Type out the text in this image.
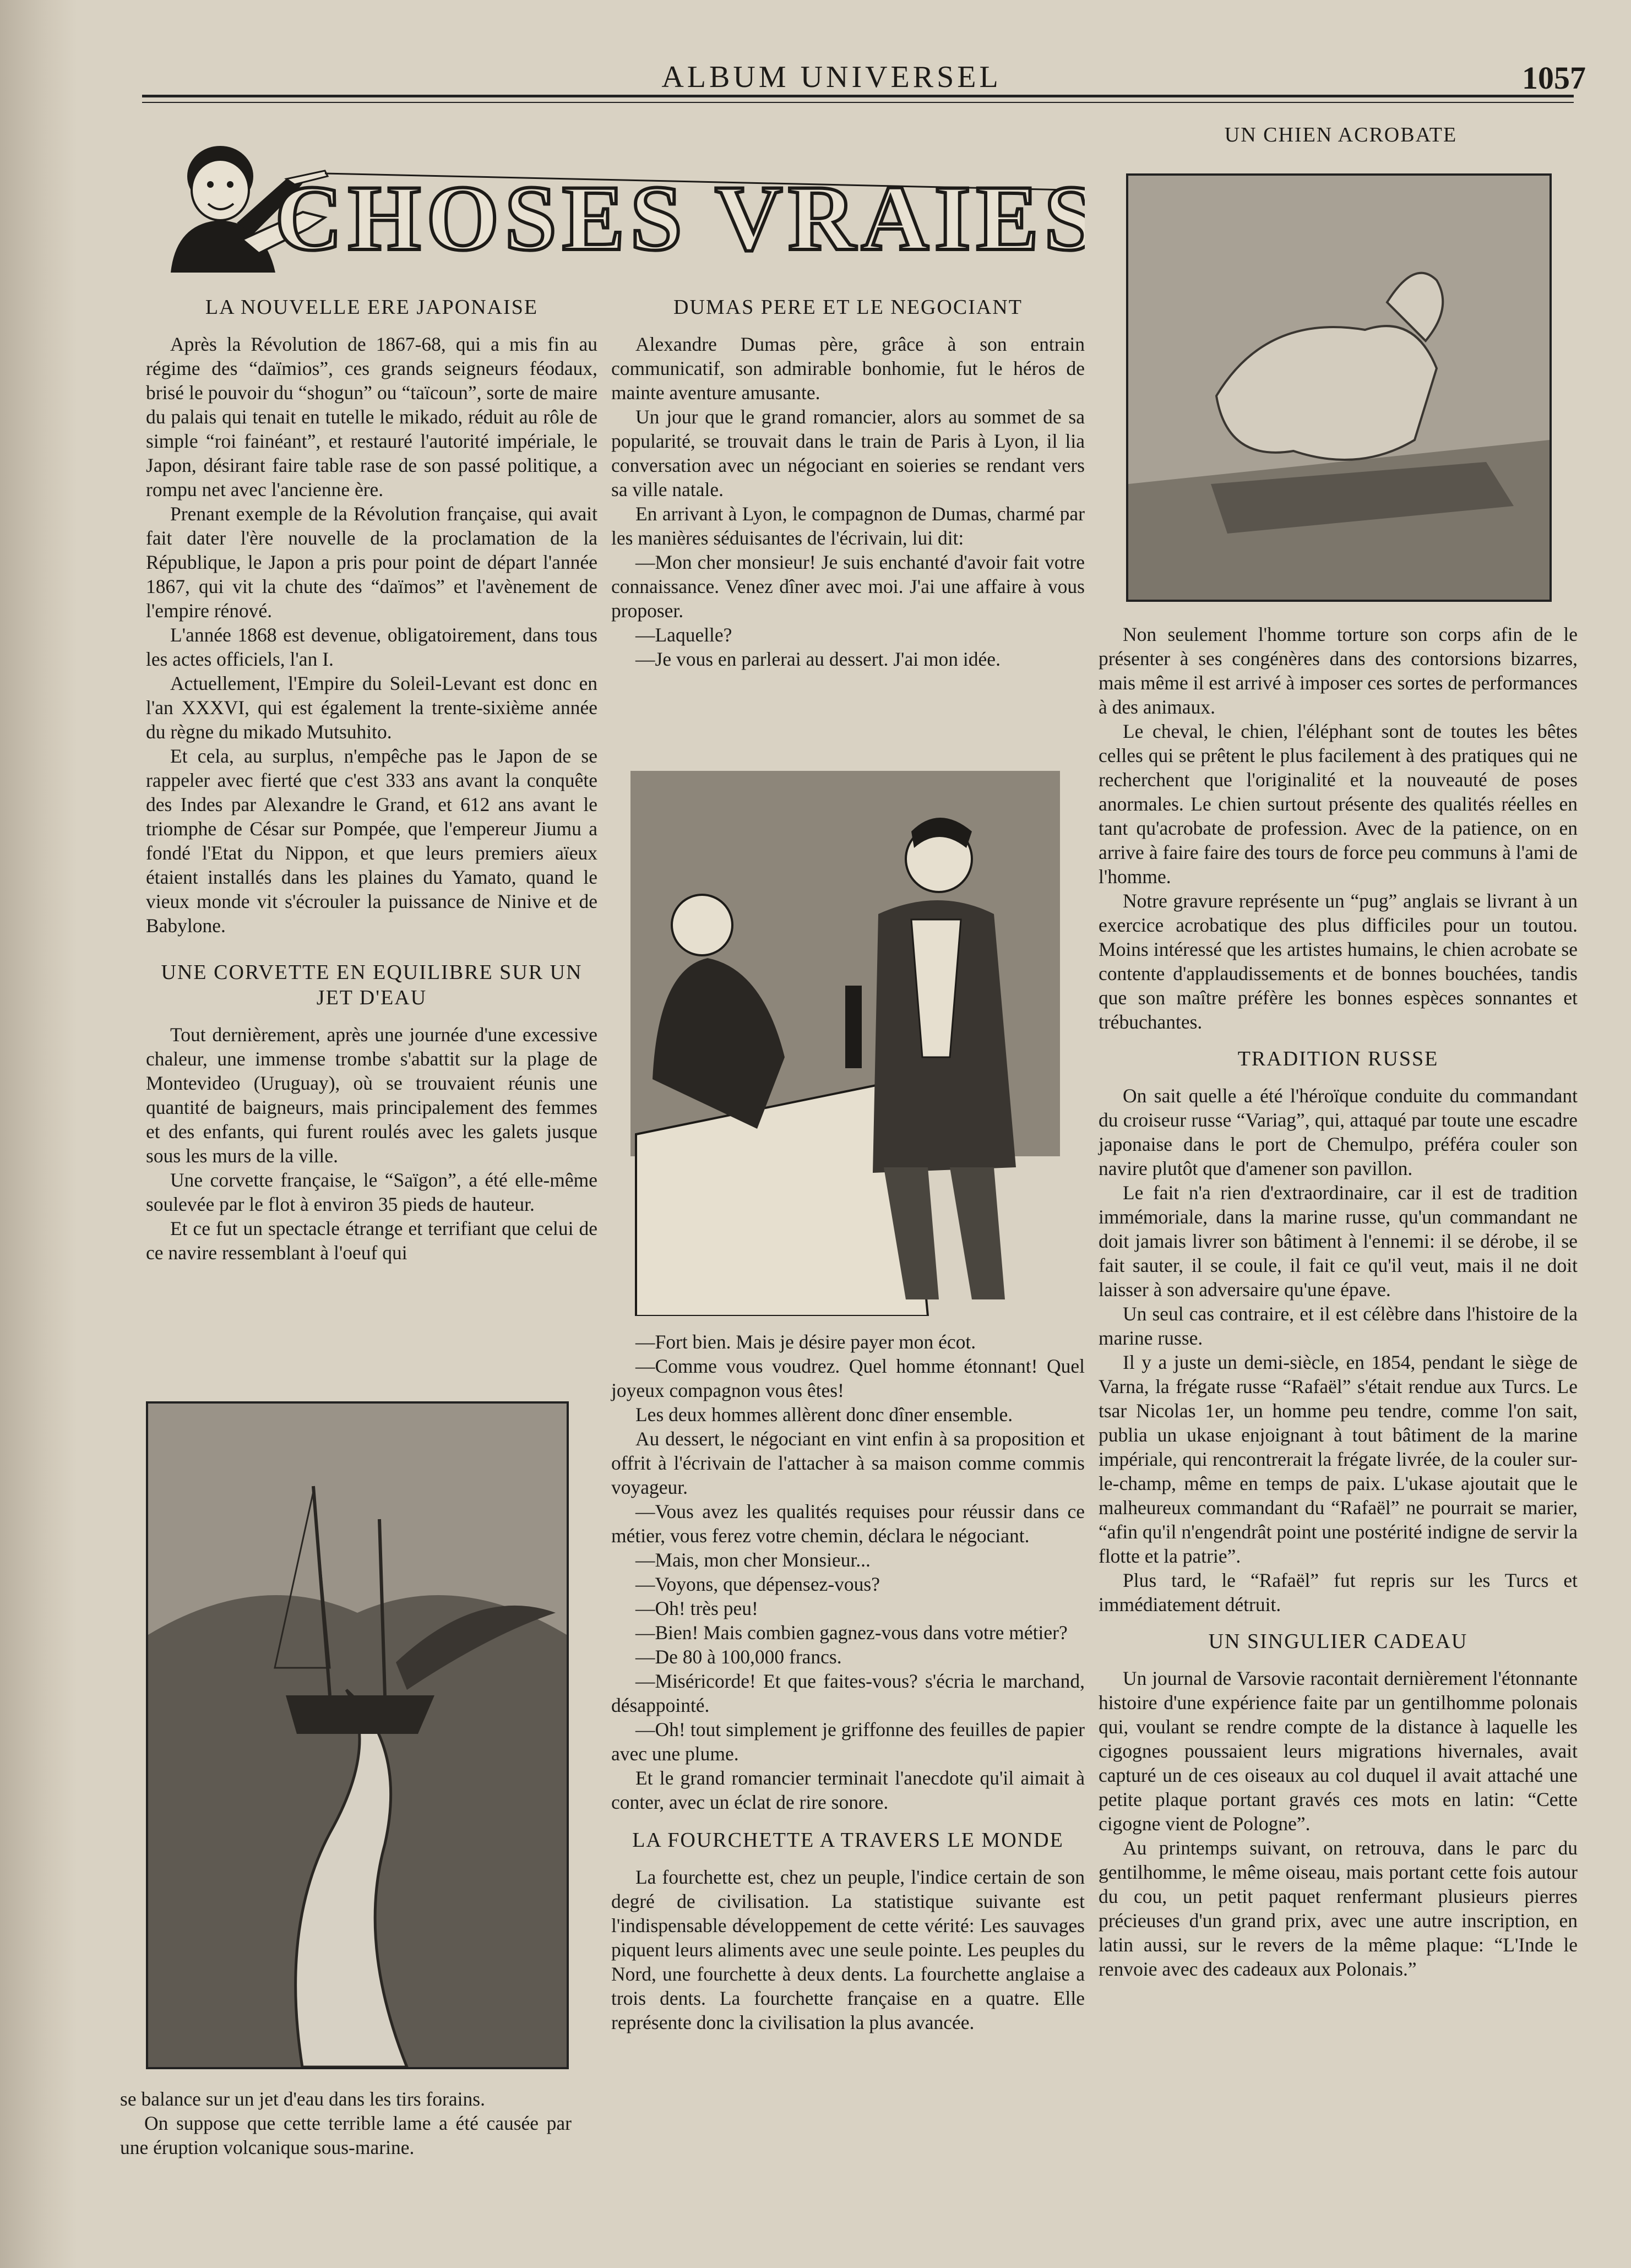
ALBUM UNIVERSEL	1057
CHOSES VRAIES
LA NOUVELLE ERE JAPONAISE

Après la Révolution de 1867-68, qui a mis fin au régime des “daïmios”, ces grands seigneurs féodaux, brisé le pouvoir du “shogun” ou “taïcoun”, sorte de maire du palais qui tenait en tutelle le mikado, réduit au rôle de simple “roi fainéant”, et restauré l'autorité impériale, le Japon, désirant faire table rase de son passé politique, a rompu net avec l'ancienne ère.

Prenant exemple de la Révolution française, qui avait fait dater l'ère nouvelle de la proclamation de la République, le Japon a pris pour point de départ l'année 1867, qui vit la chute des “daïmos” et l'avènement de l'empire rénové.

L'année 1868 est devenue, obligatoirement, dans tous les actes officiels, l'an I.

Actuellement, l'Empire du Soleil-Levant est donc en l'an XXXVI, qui est également la trente-sixième année du règne du mikado Mutsuhito.

Et cela, au surplus, n'empêche pas le Japon de se rappeler avec fierté que c'est 333 ans avant la conquête des Indes par Alexandre le Grand, et 612 ans avant le triomphe de César sur Pompée, que l'empereur Jiumu a fondé l'Etat du Nippon, et que leurs premiers aïeux étaient installés dans les plaines du Yamato, quand le vieux monde vit s'écrouler la puissance de Ninive et de Babylone.

UNE CORVETTE EN EQUILIBRE SUR UN JET D'EAU

Tout dernièrement, après une journée d'une excessive chaleur, une immense trombe s'abattit sur la plage de Montevideo (Uruguay), où se trouvaient réunis une quantité de baigneurs, mais principalement des femmes et des enfants, qui furent roulés avec les galets jusque sous les murs de la ville.

Une corvette française, le “Saïgon”, a été elle-même soulevée par le flot à environ 35 pieds de hauteur.

Et ce fut un spectacle étrange et terrifiant que celui de ce navire ressemblant à l'oeuf qui

se balance sur un jet d'eau dans les tirs forains.

On suppose que cette terrible lame a été causée par une éruption volcanique sous-marine.

DUMAS PERE ET LE NEGOCIANT

Alexandre Dumas père, grâce à son entrain communicatif, son admirable bonhomie, fut le héros de mainte aventure amusante.

Un jour que le grand romancier, alors au sommet de sa popularité, se trouvait dans le train de Paris à Lyon, il lia conversation avec un négociant en soieries se rendant vers sa ville natale.

En arrivant à Lyon, le compagnon de Dumas, charmé par les manières séduisantes de l'écrivain, lui dit:

—Mon cher monsieur! Je suis enchanté d'avoir fait votre connaissance. Venez dîner avec moi. J'ai une affaire à vous proposer.

—Laquelle?

—Je vous en parlerai au dessert. J'ai mon idée.

—Fort bien. Mais je désire payer mon écot.

—Comme vous voudrez. Quel homme étonnant! Quel joyeux compagnon vous êtes!

Les deux hommes allèrent donc dîner ensemble.

Au dessert, le négociant en vint enfin à sa proposition et offrit à l'écrivain de l'attacher à sa maison comme commis voyageur.

—Vous avez les qualités requises pour réussir dans ce métier, vous ferez votre chemin, déclara le négociant.

—Mais, mon cher Monsieur...

—Voyons, que dépensez-vous?

—Oh! très peu!

—Bien! Mais combien gagnez-vous dans votre métier?

—De 80 à 100,000 francs.

—Miséricorde! Et que faites-vous? s'écria le marchand, désappointé.

—Oh! tout simplement je griffonne des feuilles de papier avec une plume.

Et le grand romancier terminait l'anecdote qu'il aimait à conter, avec un éclat de rire sonore.

LA FOURCHETTE A TRAVERS LE MONDE

La fourchette est, chez un peuple, l'indice certain de son degré de civilisation. La statistique suivante est l'indispensable développement de cette vérité: Les sauvages piquent leurs aliments avec une seule pointe. Les peuples du Nord, une fourchette à deux dents. La fourchette anglaise a trois dents. La fourchette française en a quatre. Elle représente donc la civilisation la plus avancée.

UN CHIEN ACROBATE

Non seulement l'homme torture son corps afin de le présenter à ses congénères dans des contorsions bizarres, mais même il est arrivé à imposer ces sortes de performances à des animaux.

Le cheval, le chien, l'éléphant sont de toutes les bêtes celles qui se prêtent le plus facilement à des pratiques qui ne recherchent que l'originalité et la nouveauté de poses anormales. Le chien surtout présente des qualités réelles en tant qu'acrobate de profession. Avec de la patience, on en arrive à faire faire des tours de force peu communs à l'ami de l'homme.

Notre gravure représente un “pug” anglais se livrant à un exercice acrobatique des plus difficiles pour un toutou. Moins intéressé que les artistes humains, le chien acrobate se contente d'applaudissements et de bonnes bouchées, tandis que son maître préfère les bonnes espèces sonnantes et trébuchantes.

TRADITION RUSSE

On sait quelle a été l'héroïque conduite du commandant du croiseur russe “Variag”, qui, attaqué par toute une escadre japonaise dans le port de Chemulpo, préféra couler son navire plutôt que d'amener son pavillon.

Le fait n'a rien d'extraordinaire, car il est de tradition immémoriale, dans la marine russe, qu'un commandant ne doit jamais livrer son bâtiment à l'ennemi: il se dérobe, il se fait sauter, il se coule, il fait ce qu'il veut, mais il ne doit laisser à son adversaire qu'une épave.

Un seul cas contraire, et il est célèbre dans l'histoire de la marine russe.

Il y a juste un demi-siècle, en 1854, pendant le siège de Varna, la frégate russe “Rafaël” s'était rendue aux Turcs. Le tsar Nicolas 1er, un homme peu tendre, comme l'on sait, publia un ukase enjoignant à tout bâtiment de la marine impériale, qui rencontrerait la frégate livrée, de la couler sur-le-champ, même en temps de paix. L'ukase ajoutait que le malheureux commandant du “Rafaël” ne pourrait se marier, “afin qu'il n'engendrât point une postérité indigne de servir la flotte et la patrie”.

Plus tard, le “Rafaël” fut repris sur les Turcs et immédiatement détruit.

UN SINGULIER CADEAU

Un journal de Varsovie racontait dernièrement l'étonnante histoire d'une expérience faite par un gentilhomme polonais qui, voulant se rendre compte de la distance à laquelle les cigognes poussaient leurs migrations hivernales, avait capturé un de ces oiseaux au col duquel il avait attaché une petite plaque portant gravés ces mots en latin: “Cette cigogne vient de Pologne”.

Au printemps suivant, on retrouva, dans le parc du gentilhomme, le même oiseau, mais portant cette fois autour du cou, un petit paquet renfermant plusieurs pierres précieuses d'un grand prix, avec une autre inscription, en latin aussi, sur le revers de la même plaque: “L'Inde le renvoie avec des cadeaux aux Polonais.”
